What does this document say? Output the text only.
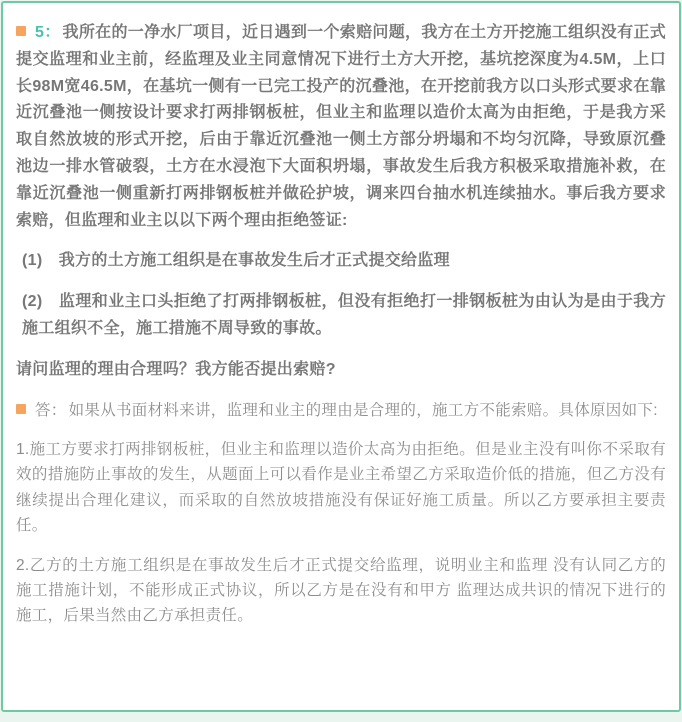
5： 我所在的一净水厂项目，近日遇到一个索赔问题，我方在土方开挖施工组织没有正式提交监理和业主前，经监理及业主同意情况下进行土方大开挖，基坑挖深度为4.5M，上口长98M宽46.5M，在基坑一侧有一已完工投产的沉叠池，在开挖前我方以口头形式要求在靠近沉叠池一侧按设计要求打两排钢板桩，但业主和监理以造价太高为由拒绝，于是我方采取自然放坡的形式开挖，后由于靠近沉叠池一侧土方部分坍塌和不均匀沉降，导致原沉叠池边一排水管破裂，土方在水浸泡下大面积坍塌，事故发生后我方积极采取措施补救，在靠近沉叠池一侧重新打两排钢板桩并做砼护坡，调来四台抽水机连续抽水。事后我方要求索赔，但监理和业主以以下两个理由拒绝签证:

(1)　我方的土方施工组织是在事故发生后才正式提交给监理

(2)　监理和业主口头拒绝了打两排钢板桩，但没有拒绝打一排钢板桩为由认为是由于我方施工组织不全，施工措施不周导致的事故。

请问监理的理由合理吗？我方能否提出索赔?

答： 如果从书面材料来讲，监理和业主的理由是合理的，施工方不能索赔。具体原因如下:

1.施工方要求打两排钢板桩，但业主和监理以造价太高为由拒绝。但是业主没有叫你不采取有效的措施防止事故的发生，从题面上可以看作是业主希望乙方采取造价低的措施，但乙方没有继续提出合理化建议，而采取的自然放坡措施没有保证好施工质量。所以乙方要承担主要责任。

2.乙方的土方施工组织是在事故发生后才正式提交给监理，说明业主和监理 没有认同乙方的施工措施计划，不能形成正式协议，所以乙方是在没有和甲方 监理达成共识的情况下进行的施工，后果当然由乙方承担责任。
